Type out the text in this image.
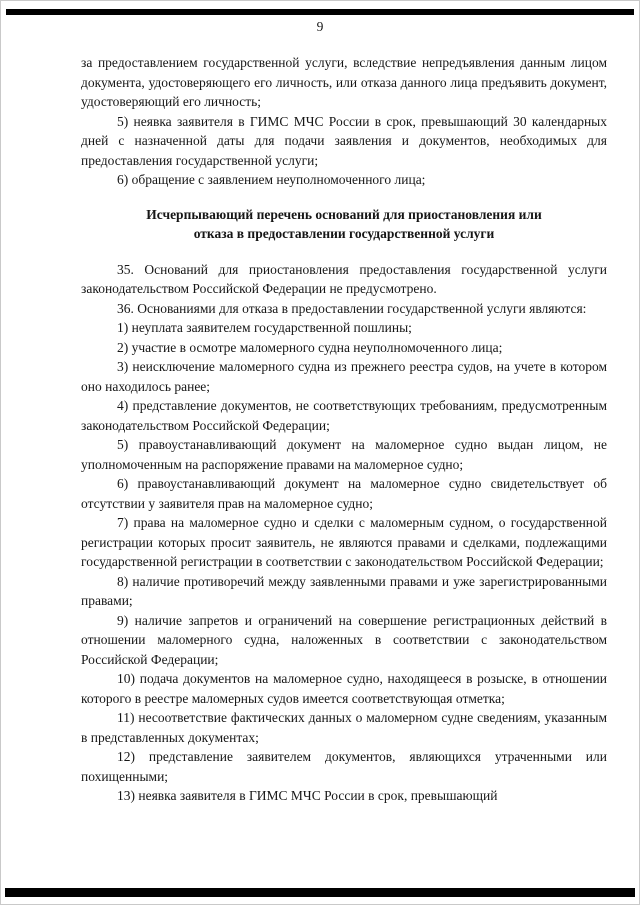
9

за предоставлением государственной услуги, вследствие непредъявления данным лицом документа, удостоверяющего его личность, или отказа данного лица предъявить документ, удостоверяющий его личность;

5) неявка заявителя в ГИМС МЧС России в срок, превышающий 30 календарных дней с назначенной даты для подачи заявления и документов, необходимых для предоставления государственной услуги;

6) обращение с заявлением неуполномоченного лица;

Исчерпывающий перечень оснований для приостановления или отказа в предоставлении государственной услуги

35. Оснований для приостановления предоставления государственной услуги законодательством Российской Федерации не предусмотрено.

36. Основаниями для отказа в предоставлении государственной услуги являются:

1) неуплата заявителем государственной пошлины;

2) участие в осмотре маломерного судна неуполномоченного лица;

3) неисключение маломерного судна из прежнего реестра судов, на учете в котором оно находилось ранее;

4) представление документов, не соответствующих требованиям, предусмотренным законодательством Российской Федерации;

5) правоустанавливающий документ на маломерное судно выдан лицом, не уполномоченным на распоряжение правами на маломерное судно;

6) правоустанавливающий документ на маломерное судно свидетельствует об отсутствии у заявителя прав на маломерное судно;

7) права на маломерное судно и сделки с маломерным судном, о государственной регистрации которых просит заявитель, не являются правами и сделками, подлежащими государственной регистрации в соответствии с законодательством Российской Федерации;

8) наличие противоречий между заявленными правами и уже зарегистрированными правами;

9) наличие запретов и ограничений на совершение регистрационных действий в отношении маломерного судна, наложенных в соответствии с законодательством Российской Федерации;

10) подача документов на маломерное судно, находящееся в розыске, в отношении которого в реестре маломерных судов имеется соответствующая отметка;

11) несоответствие фактических данных о маломерном судне сведениям, указанным в представленных документах;

12) представление заявителем документов, являющихся утраченными или похищенными;

13) неявка заявителя в ГИМС МЧС России в срок, превышающий
